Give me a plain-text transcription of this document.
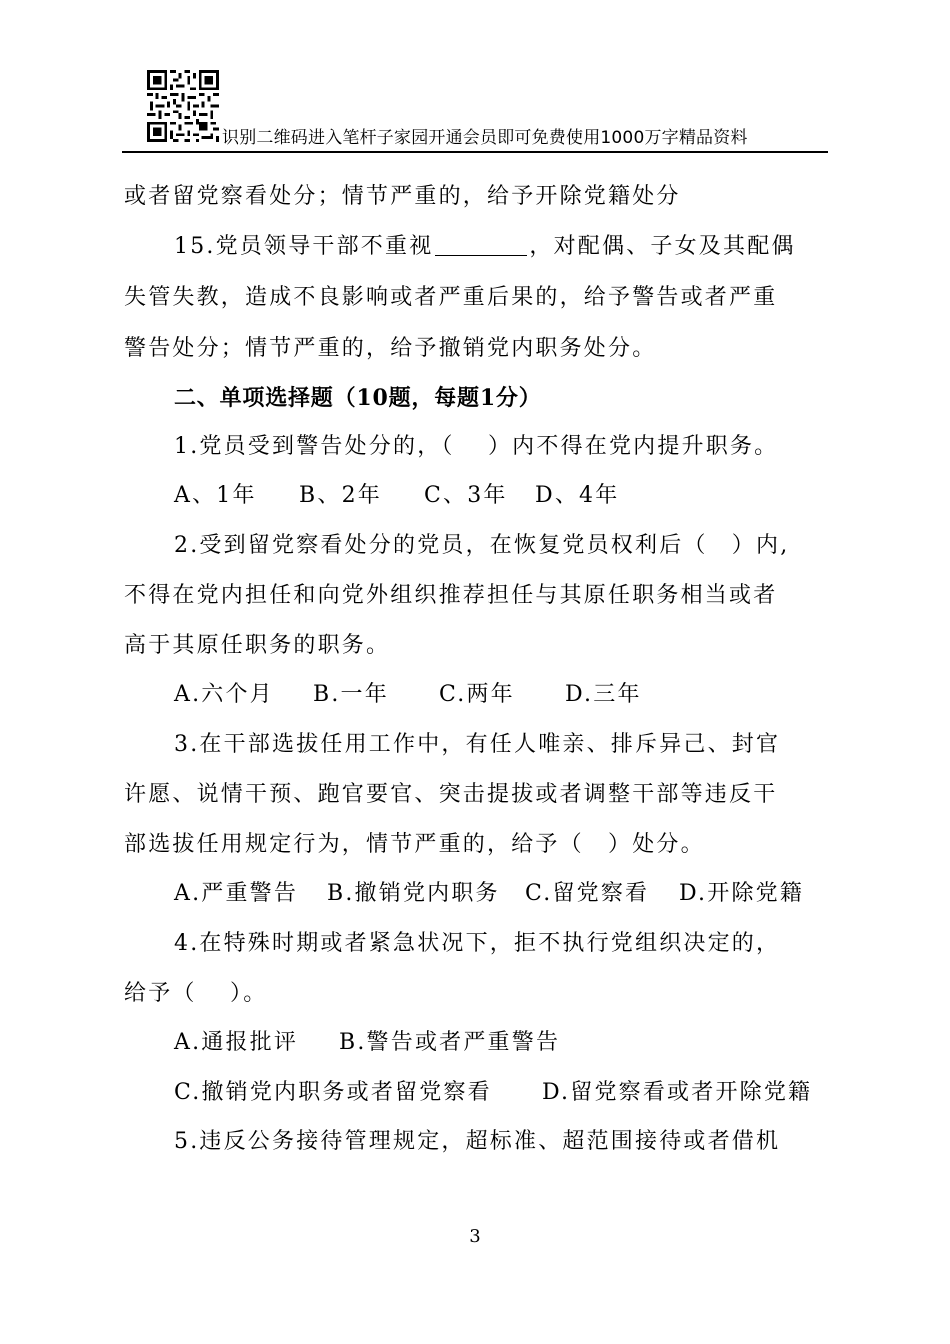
识别二维码进入笔杆子家园开通会员即可免费使用1000万字精品资料
或者留党察看处分；情节严重的，给予开除党籍处分
15.党员领导干部不重视	，对配偶、子女及其配偶
失管失教，造成不良影响或者严重后果的，给予警告或者严重
警告处分；情节严重的，给予撤销党内职务处分。
二、单项选择题（10题，每题1分）
1.党员受到警告处分的，（　 ）内不得在党内提升职务。
A、1年 B、2年 C、3年 D、4年
2.受到留党察看处分的党员，在恢复党员权利后（　）内,
不得在党内担任和向党外组织推荐担任与其原任职务相当或者
高于其原任职务的职务。
A.六个月 B.一年 C.两年 D.三年
3.在干部选拔任用工作中，有任人唯亲、排斥异己、封官
许愿、说情干预、跑官要官、突击提拔或者调整干部等违反干
部选拔任用规定行为，情节严重的，给予（　）处分。
A.严重警告 B.撤销党内职务 C.留党察看 D.开除党籍
4.在特殊时期或者紧急状况下，拒不执行党组织决定的，
给予（　 ）。
A.通报批评 B.警告或者严重警告
C.撤销党内职务或者留党察看 D.留党察看或者开除党籍
5.违反公务接待管理规定，超标准、超范围接待或者借机
3
